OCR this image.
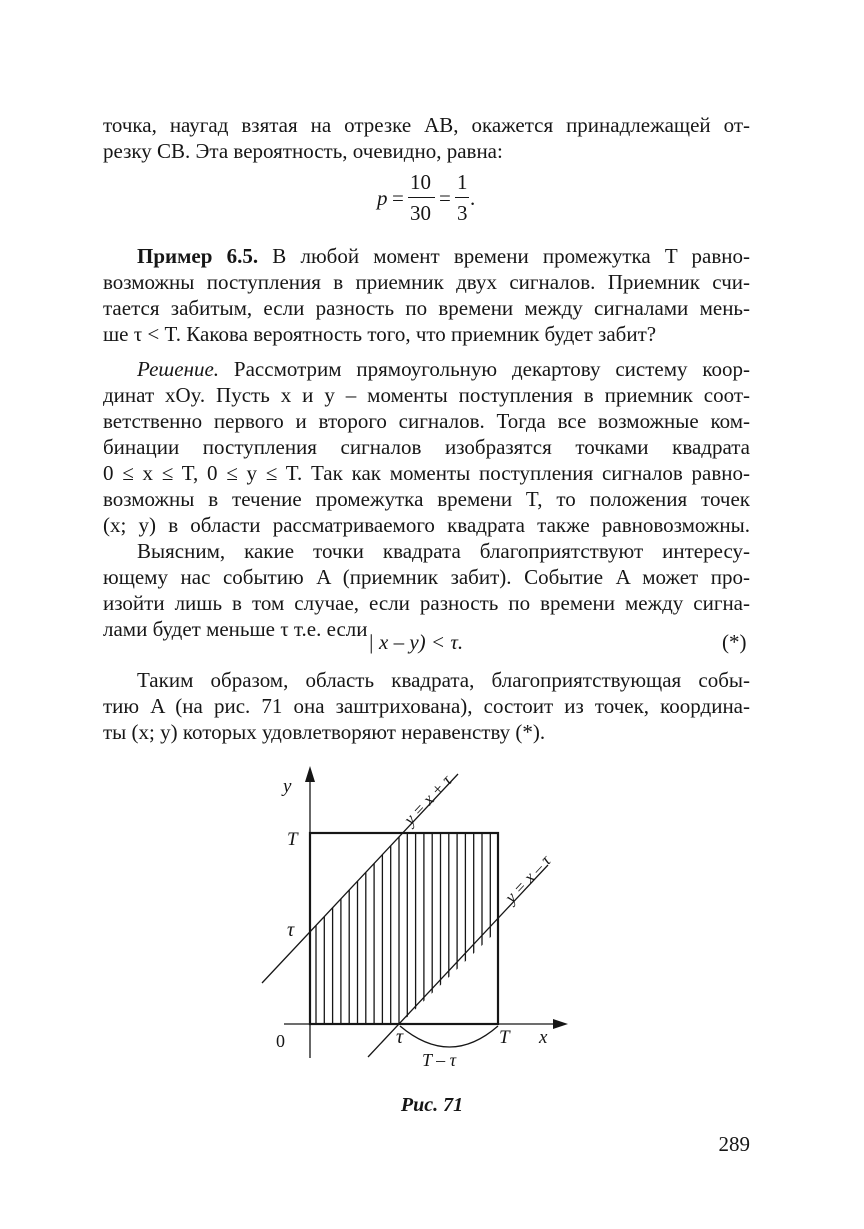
точка, наугад взятая на отрезке AB, окажется принадлежащей от-
резку CB. Эта вероятность, очевидно, равна:
p =
10
30
=
1
3
.
Пример 6.5. В любой момент времени промежутка T равно-
возможны поступления в приемник двух сигналов. Приемник счи-
тается забитым, если разность по времени между сигналами мень-
ше τ < T. Какова вероятность того, что приемник будет забит?
Решение. Рассмотрим прямоугольную декартову систему коор-
динат xOy. Пусть x и y – моменты поступления в приемник соот-
ветственно первого и второго сигналов. Тогда все возможные ком-
бинации поступления сигналов изобразятся точками квадрата
0 ≤ x ≤ T, 0 ≤ y ≤ T. Так как моменты поступления сигналов равно-
возможны в течение промежутка времени T, то положения точек
(x; y) в области рассматриваемого квадрата также равновозможны.
Выясним, какие точки квадрата благоприятствуют интересу-
ющему нас событию A (приемник забит). Событие A может про-
изойти лишь в том случае, если разность по времени между сигна-
лами будет меньше τ т.е. если
| x – y) < τ.	(*)
Таким образом, область квадрата, благоприятствующая собы-
тию A (на рис. 71 она заштрихована), состоит из точек, координа-
ты (x; y) которых удовлетворяют неравенству (*).
y
T
τ
0	τ	T x
T – τ
y = x + τ
y = x – τ
Рис. 71
289
